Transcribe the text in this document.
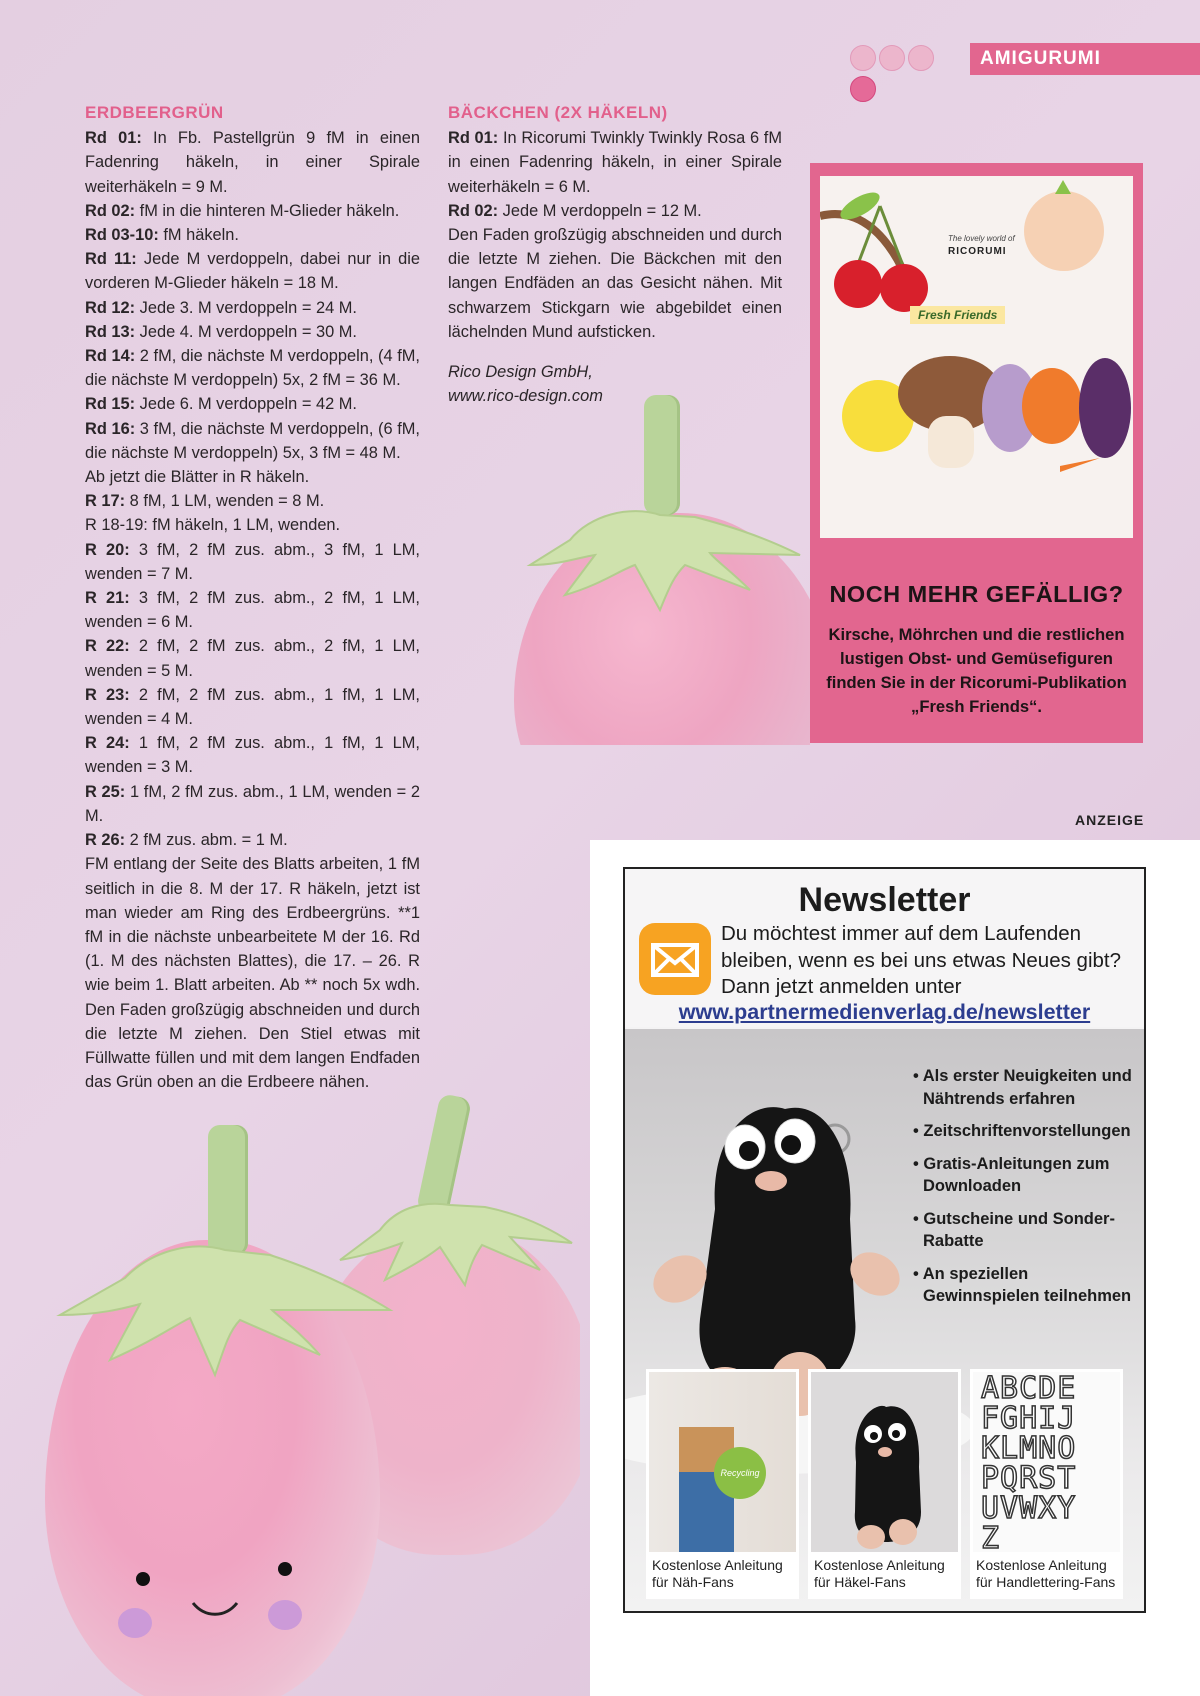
AMIGURUMI
ERDBEERGRÜN

Rd 01: In Fb. Pastellgrün 9 fM in einen Fadenring häkeln, in einer Spirale weiterhäkeln = 9 M.

Rd 02: fM in die hinteren M-Glieder häkeln.

Rd 03-10: fM häkeln.

Rd 11: Jede M verdoppeln, dabei nur in die vorderen M-Glieder häkeln = 18 M.

Rd 12: Jede 3. M verdoppeln = 24 M.

Rd 13: Jede 4. M verdoppeln = 30 M.

Rd 14: 2 fM, die nächste M verdoppeln, (4 fM, die nächste M verdoppeln) 5x, 2 fM = 36 M.

Rd 15: Jede 6. M verdoppeln = 42 M.

Rd 16: 3 fM, die nächste M verdoppeln, (6 fM, die nächste M verdoppeln) 5x, 3 fM = 48 M.

Ab jetzt die Blätter in R häkeln.

R 17: 8 fM, 1 LM, wenden = 8 M.

R 18-19: fM häkeln, 1 LM, wenden.

R 20: 3 fM, 2 fM zus. abm., 3 fM, 1 LM, wenden = 7 M.

R 21: 3 fM, 2 fM zus. abm., 2 fM, 1 LM, wenden = 6 M.

R 22: 2 fM, 2 fM zus. abm., 2 fM, 1 LM, wenden = 5 M.

R 23: 2 fM, 2 fM zus. abm., 1 fM, 1 LM, wenden = 4 M.

R 24: 1 fM, 2 fM zus. abm., 1 fM, 1 LM, wenden = 3 M.

R 25: 1 fM, 2 fM zus. abm., 1 LM, wenden = 2 M.

R 26: 2 fM zus. abm. = 1 M.

FM entlang der Seite des Blatts arbeiten, 1 fM seitlich in die 8. M der 17. R häkeln, jetzt ist man wieder am Ring des Erdbeergrüns. **1 fM in die nächste unbearbeitete M der 16. Rd (1. M des nächsten Blattes), die 17. – 26. R wie beim 1. Blatt arbeiten. Ab ** noch 5x wdh. Den Faden großzügig abschneiden und durch die letzte M ziehen. Den Stiel etwas mit Füllwatte füllen und mit dem langen Endfaden das Grün oben an die Erdbeere nähen.

BÄCKCHEN (2X HÄKELN)

Rd 01: In Ricorumi Twinkly Twinkly Rosa 6 fM in einen Fadenring häkeln, in einer Spirale weiterhäkeln = 6 M.

Rd 02: Jede M verdoppeln = 12 M.

Den Faden großzügig abschneiden und durch die letzte M ziehen. Die Bäckchen mit den langen Endfäden an das Gesicht nähen. Mit schwarzem Stickgarn wie abgebildet einen lächelnden Mund aufsticken.

Rico Design GmbH,

www.rico-design.com

The lovely world of
RICORUMI
Fresh Friends
NOCH MEHR GEFÄLLIG?
Kirsche, Möhrchen und die restlichen lustigen Obst- und Gemüsefiguren finden Sie in der Ricorumi-Publikation „Fresh Friends“.
ANZEIGE
Newsletter
Du möchtest immer auf dem Laufenden bleiben, wenn es bei uns etwas Neues gibt? Dann jetzt anmelden unter
www.partnermedienverlag.de/newsletter
• Als erster Neuigkeiten und Nähtrends erfahren
• Zeitschriftenvorstellungen
• Gratis-Anleitungen zum Downloaden
• Gutscheine und Sonder-Rabatte
• An speziellen Gewinnspielen teilnehmen
Recycling
Kostenlose Anleitung für Näh-Fans
Kostenlose Anleitung für Häkel-Fans
ABCDE
FGHIJ
KLMNO
PQRST
UVWXY
Z
Kostenlose Anleitung für Handlettering-Fans
